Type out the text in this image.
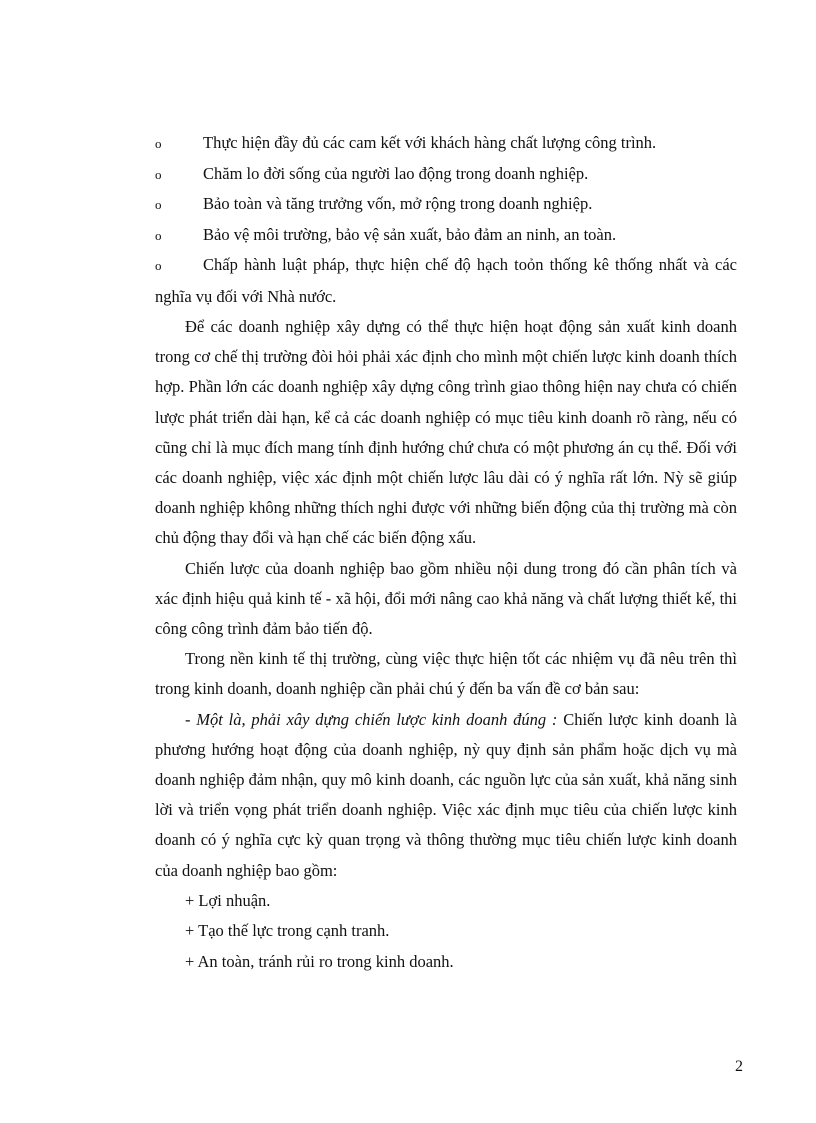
o	Thực hiện đầy đủ các cam kết với khách hàng chất lượng công trình.
o	Chăm lo đời sống của người lao động trong doanh nghiệp.
o	Bảo toàn và tăng trưởng vốn, mở rộng trong doanh nghiệp.
o	Bảo vệ môi trường, bảo vệ sản xuất, bảo đảm an ninh, an toàn.
o	Chấp hành luật pháp, thực hiện chế độ hạch toỏn thống kê thống nhất và các nghĩa vụ đối với Nhà nước.

Để các doanh nghiệp xây dựng có thể thực hiện hoạt động sản xuất kinh doanh trong cơ chế thị trường đòi hỏi phải xác định cho mình một chiến lược kinh doanh thích hợp. Phần lớn các doanh nghiệp xây dựng công trình giao thông hiện nay chưa có chiến lược phát triển dài hạn, kể cả các doanh nghiệp có mục tiêu kinh doanh rõ ràng, nếu có cũng chỉ là mục đích mang tính định hướng chứ chưa có một phương án cụ thể. Đối với các doanh nghiệp, việc xác định một chiến lược lâu dài có ý nghĩa rất lớn. Nỳ sẽ giúp doanh nghiệp không những thích nghi được với những biến động của thị trường mà còn chủ động thay đổi và hạn chế các biến động xấu.

Chiến lược của doanh nghiệp bao gồm nhiều nội dung trong đó cần phân tích và xác định hiệu quả kinh tế - xã hội, đổi mới nâng cao khả năng và chất lượng thiết kế, thi công công trình đảm bảo tiến độ.

Trong nền kinh tế thị trường, cùng việc thực hiện tốt các nhiệm vụ đã nêu trên thì trong kinh doanh, doanh nghiệp cần phải chú ý đến ba vấn đề cơ bản sau:

- Một là, phải xây dựng chiến lược kinh doanh đúng : Chiến lược kinh doanh là phương hướng hoạt động của doanh nghiệp, nỳ quy định sản phẩm hoặc dịch vụ mà doanh nghiệp đảm nhận, quy mô kinh doanh, các nguồn lực của sản xuất, khả năng sinh lời và triển vọng phát triển doanh nghiệp. Việc xác định mục tiêu của chiến lược kinh doanh có ý nghĩa cực kỳ quan trọng và thông thường mục tiêu chiến lược kinh doanh của doanh nghiệp bao gồm:

+ Lợi nhuận.

+ Tạo thế lực trong cạnh tranh.

+ An toàn, tránh rủi ro trong kinh doanh.

2
